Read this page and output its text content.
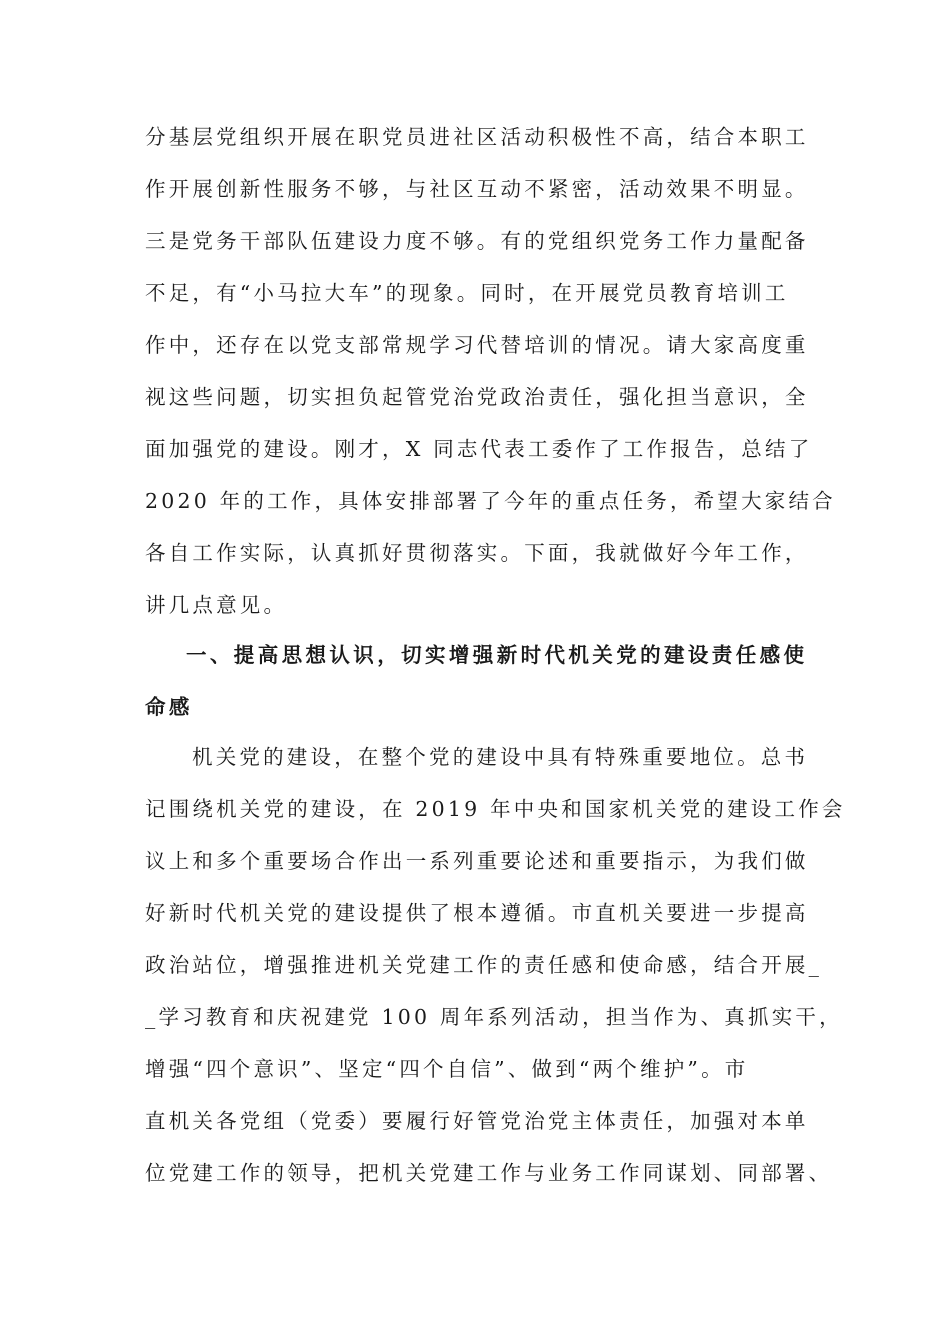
分基层党组织开展在职党员进社区活动积极性不高，结合本职工

作开展创新性服务不够，与社区互动不紧密，活动效果不明显。

三是党务干部队伍建设力度不够。有的党组织党务工作力量配备

不足，有“小马拉大车”的现象。同时，在开展党员教育培训工

作中，还存在以党支部常规学习代替培训的情况。请大家高度重

视这些问题，切实担负起管党治党政治责任，强化担当意识，全

面加强党的建设。刚才，X 同志代表工委作了工作报告，总结了

2020 年的工作，具体安排部署了今年的重点任务，希望大家结合

各自工作实际，认真抓好贯彻落实。下面，我就做好今年工作，

讲几点意见。

一、提高思想认识，切实增强新时代机关党的建设责任感使

命感

机关党的建设，在整个党的建设中具有特殊重要地位。总书

记围绕机关党的建设，在 2019 年中央和国家机关党的建设工作会

议上和多个重要场合作出一系列重要论述和重要指示，为我们做

好新时代机关党的建设提供了根本遵循。市直机关要进一步提高

政治站位，增强推进机关党建工作的责任感和使命感，结合开展_

_学习教育和庆祝建党 100 周年系列活动，担当作为、真抓实干，

增强“四个意识”、坚定“四个自信”、做到“两个维护”。市

直机关各党组（党委）要履行好管党治党主体责任，加强对本单

位党建工作的领导，把机关党建工作与业务工作同谋划、同部署、
